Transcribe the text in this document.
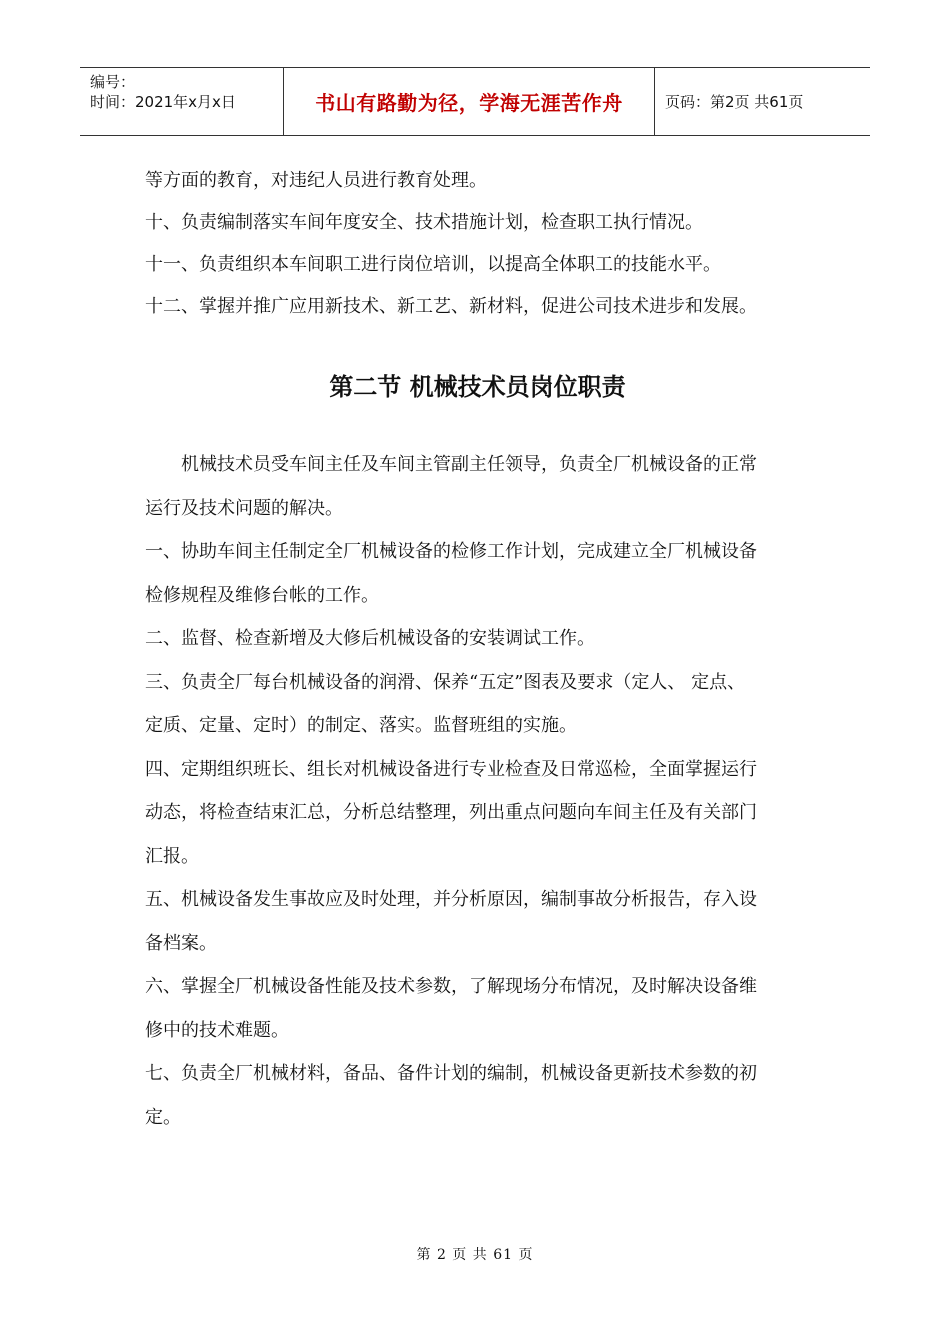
编号：
时间：2021年x月x日	书山有路勤为径，学海无涯苦作舟	页码：第2页 共61页

等方面的教育，对违纪人员进行教育处理。

十、负责编制落实车间年度安全、技术措施计划，检查职工执行情况。

十一、负责组织本车间职工进行岗位培训，以提高全体职工的技能水平。

十二、掌握并推广应用新技术、新工艺、新材料，促进公司技术进步和发展。

第二节 机械技术员岗位职责

机械技术员受车间主任及车间主管副主任领导，负责全厂机械设备的正常

运行及技术问题的解决。

一、协助车间主任制定全厂机械设备的检修工作计划，完成建立全厂机械设备

检修规程及维修台帐的工作。

二、监督、检查新增及大修后机械设备的安装调试工作。

三、负责全厂每台机械设备的润滑、保养“五定”图表及要求（定人、 定点、

定质、定量、定时）的制定、落实。监督班组的实施。

四、定期组织班长、组长对机械设备进行专业检查及日常巡检，全面掌握运行

动态，将检查结束汇总，分析总结整理，列出重点问题向车间主任及有关部门

汇报。

五、机械设备发生事故应及时处理，并分析原因，编制事故分析报告，存入设

备档案。

六、掌握全厂机械设备性能及技术参数，了解现场分布情况，及时解决设备维

修中的技术难题。

七、负责全厂机械材料，备品、备件计划的编制，机械设备更新技术参数的初

定。

第 2 页 共 61 页
